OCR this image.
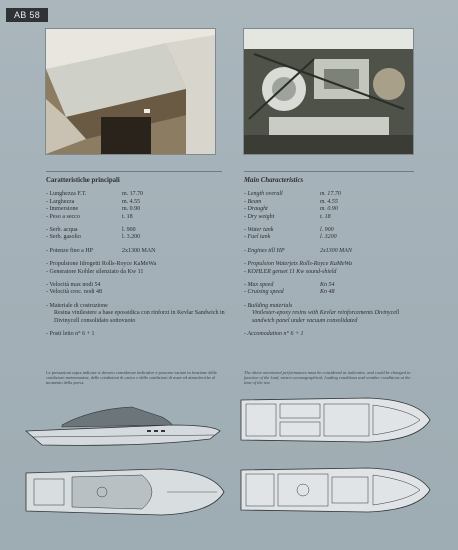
AB 58
Caratteristiche principali
- Lunghezza F.T.	m. 17.70
- Larghezza	m. 4.55
- Immersione	m. 0.90
- Peso a secco	t. 18
- Serb. acqua	l. 900
- Serb. gasolio	l. 3.200
- Potenze fino a HP	2x1300 MAN
- Propulsione Idrogetti Rolls-Royce KaMeWa
- Generatore Kohler silenziato da Kw 11
- Velocità max nodi 54
- Velocità croc. nodi 48
- Materiale di costruzione
Resina vinilestere a base epossidica con rinforzi in Kevlar Sandwich in Divinycell consolidato sottovuoto
- Posti letto n° 6 + 1
Main Characteristics
- Length overall	m. 17.70
- Beam	m. 4.55
- Draught	m. 0.90
- Dry weight	t. 18
- Water tank	l. 900
- Fuel tank	l. 3200
- Engines till HP	2x1300 MAN
- Propulsion Waterjets Rolls-Royce KaMeWa
- KOHLER genset 11 Kw sound-shield
- Max speed	Kn 54
- Cruising speed	Kn 48
- Building materials
Vinilester-epoxy resins with Kevlar reinforcements Divinycell sandwich panel under vacuum consolidated
- Accomodation n° 6 + 1
Le prestazioni sopra indicate si devono considerare indicative e possono variare in funzione delle condizioni meteomarine, delle condizioni di carico e delle condizioni di mare ed atmosferiche al momento della prova.
The above mentioned performances must be considered as indicative, and could be changed in function of the load, meteo-oceanographical, loading conditions and weather conditions at the time of the test.
